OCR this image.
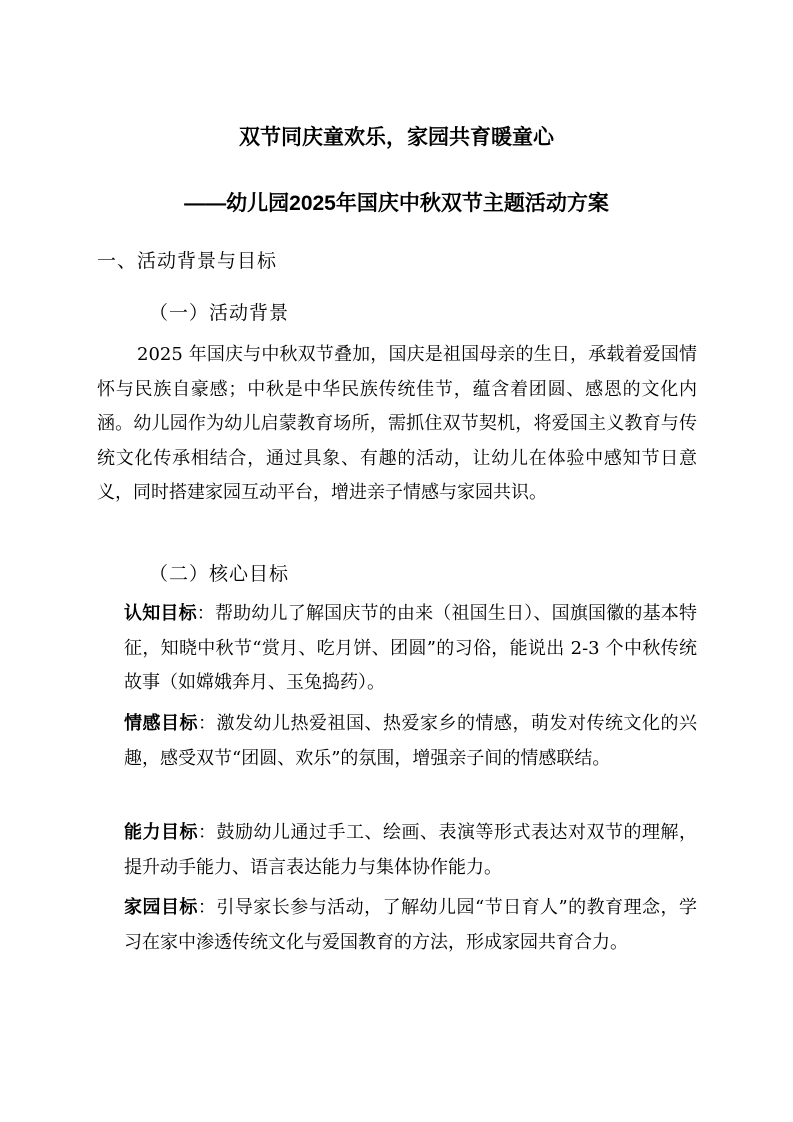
双节同庆童欢乐，家园共育暖童心
——幼儿园2025年国庆中秋双节主题活动方案
一、活动背景与目标
（一）活动背景

2025 年国庆与中秋双节叠加，国庆是祖国母亲的生日，承载着爱国情怀与民族自豪感；中秋是中华民族传统佳节，蕴含着团圆、感恩的文化内涵。幼儿园作为幼儿启蒙教育场所，需抓住双节契机，将爱国主义教育与传统文化传承相结合，通过具象、有趣的活动，让幼儿在体验中感知节日意义，同时搭建家园互动平台，增进亲子情感与家园共识。

（二）核心目标

认知目标：帮助幼儿了解国庆节的由来（祖国生日）、国旗国徽的基本特征，知晓中秋节“赏月、吃月饼、团圆”的习俗，能说出 2-3 个中秋传统故事（如嫦娥奔月、玉兔捣药）。

情感目标：激发幼儿热爱祖国、热爱家乡的情感，萌发对传统文化的兴趣，感受双节“团圆、欢乐”的氛围，增强亲子间的情感联结。

能力目标：鼓励幼儿通过手工、绘画、表演等形式表达对双节的理解，提升动手能力、语言表达能力与集体协作能力。

家园目标：引导家长参与活动，了解幼儿园“节日育人”的教育理念，学习在家中渗透传统文化与爱国教育的方法，形成家园共育合力。
